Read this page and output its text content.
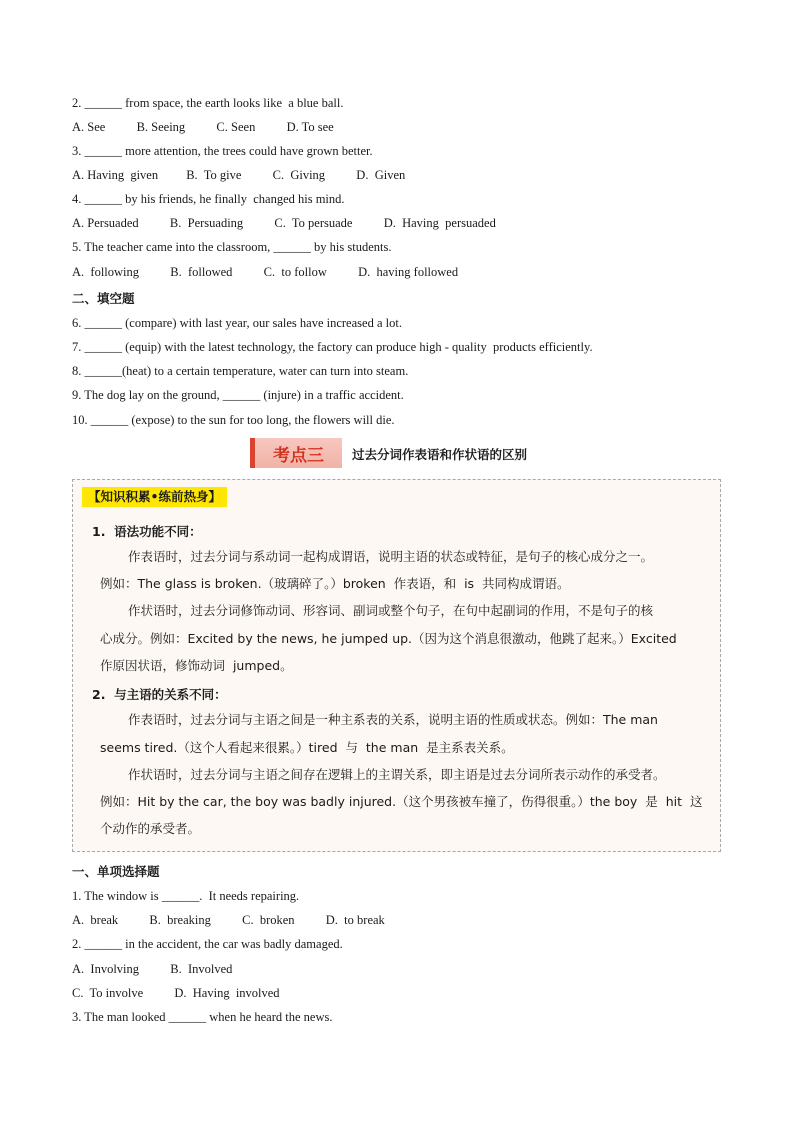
2. ______ from space, the earth looks like  a blue ball.
A. See          B. Seeing          C. Seen          D. To see
3. ______ more attention, the trees could have grown better.
A. Having  given         B.  To give          C.  Giving          D.  Given
4. ______ by his friends, he finally  changed his mind.
A. Persuaded          B.  Persuading          C.  To persuade          D.  Having  persuaded
5. The teacher came into the classroom, ______ by his students.
A.  following          B.  followed          C.  to follow          D.  having followed
二、填空题
6. ______ (compare) with last year, our sales have increased a lot.
7. ______ (equip) with the latest technology, the factory can produce high - quality  products efficiently.
8. ______(heat) to a certain temperature, water can turn into steam.
9. The dog lay on the ground, ______ (injure) in a traffic accident.
10. ______ (expose) to the sun for too long, the flowers will die.
考点三	过去分词作表语和作状语的区别
【知识积累•练前热身】
1.  语法功能不同：
作表语时，过去分词与系动词一起构成谓语，说明主语的状态或特征，是句子的核心成分之一。
例如：The glass is broken.（玻璃碎了。）broken  作表语，和  is  共同构成谓语。
作状语时，过去分词修饰动词、形容词、副词或整个句子，在句中起副词的作用，不是句子的核
心成分。例如：Excited by the news, he jumped up.（因为这个消息很激动，他跳了起来。）Excited
作原因状语，修饰动词  jumped。
2.  与主语的关系不同：
作表语时，过去分词与主语之间是一种主系表的关系，说明主语的性质或状态。例如：The man
seems tired.（这个人看起来很累。）tired  与  the man  是主系表关系。
作状语时，过去分词与主语之间存在逻辑上的主谓关系，即主语是过去分词所表示动作的承受者。
例如：Hit by the car, the boy was badly injured.（这个男孩被车撞了，伤得很重。）the boy  是  hit  这
个动作的承受者。
一、单项选择题
1. The window is ______.  It needs repairing.
A.  break          B.  breaking          C.  broken          D.  to break
2. ______ in the accident, the car was badly damaged.
A.  Involving          B.  Involved
C.  To involve          D.  Having  involved
3. The man looked ______ when he heard the news.
